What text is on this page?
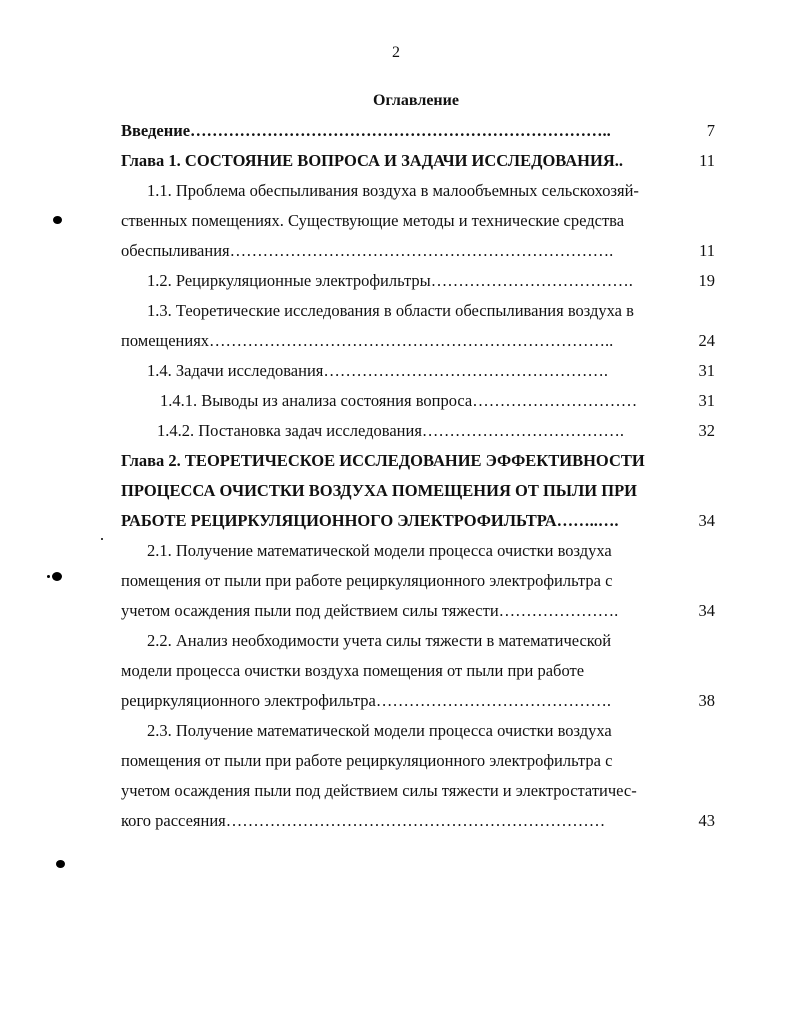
2
Оглавление
Введение…………………………………………………………………..	7
Глава 1. СОСТОЯНИЕ ВОПРОСА И ЗАДАЧИ ИССЛЕДОВАНИЯ..	11
1.1. Проблема обеспыливания воздуха в малообъемных сельскохозяй-
ственных помещениях. Существующие методы и технические средства
обеспыливания…………………………………………………………….	11
1.2. Рециркуляционные электрофильтры……………………………….	19
1.3. Теоретические исследования в области обеспыливания воздуха в
помещениях………………………………………………………………..	24
1.4. Задачи исследования…………………………………………….	31
1.4.1. Выводы из анализа состояния вопроса…………………………	31
1.4.2. Постановка задач исследования……………………………….	32
Глава 2. ТЕОРЕТИЧЕСКОЕ ИССЛЕДОВАНИЕ ЭФФЕКТИВНОСТИ
ПРОЦЕССА ОЧИСТКИ ВОЗДУХА ПОМЕЩЕНИЯ ОТ ПЫЛИ ПРИ
РАБОТЕ РЕЦИРКУЛЯЦИОННОГО ЭЛЕКТРОФИЛЬТРА……..….	34
2.1. Получение математической модели процесса очистки воздуха
помещения от пыли при работе рециркуляционного электрофильтра с
учетом осаждения пыли под действием силы тяжести………………….	34
2.2. Анализ необходимости учета силы тяжести в математической
модели процесса очистки воздуха помещения от пыли при работе
рециркуляционного электрофильтра…………………………………….	38
2.3. Получение математической модели процесса очистки воздуха
помещения от пыли при работе рециркуляционного электрофильтра с
учетом осаждения пыли под действием силы тяжести и электростатичес-
кого рассеяния……………………………………………………………	43
